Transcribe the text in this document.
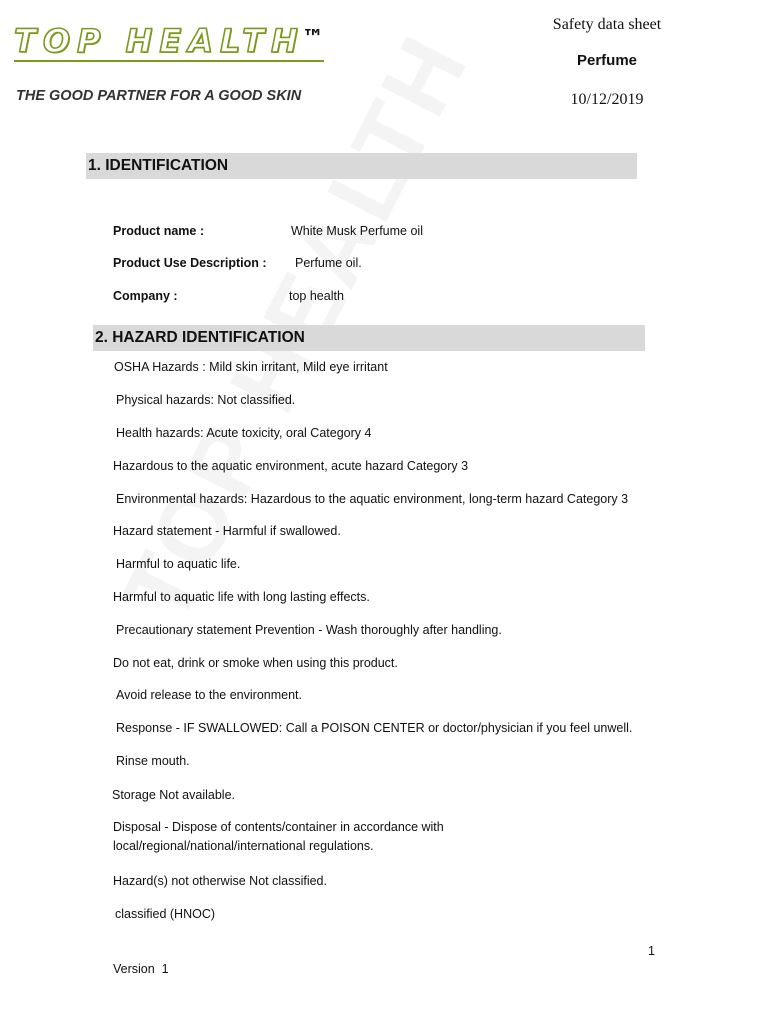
TOP HEALTH
™
THE GOOD PARTNER FOR A GOOD SKIN
Safety data sheet
Perfume
10/12/2019
1. IDENTIFICATION
Product name :	White Musk Perfume oil
Product Use Description : Perfume oil.
Company :	top health
2. HAZARD IDENTIFICATION
OSHA Hazards : Mild skin irritant, Mild eye irritant
Physical hazards: Not classified.
Health hazards: Acute toxicity, oral Category 4
Hazardous to the aquatic environment, acute hazard Category 3
Environmental hazards: Hazardous to the aquatic environment, long-term hazard Category 3
Hazard statement - Harmful if swallowed.
Harmful to aquatic life.
Harmful to aquatic life with long lasting effects.
Precautionary statement Prevention - Wash thoroughly after handling.
Do not eat, drink or smoke when using this product.
Avoid release to the environment.
Response - IF SWALLOWED: Call a POISON CENTER or doctor/physician if you feel unwell.
Rinse mouth.
Storage Not available.
Disposal - Dispose of contents/container in accordance with local/regional/national/international regulations.
Hazard(s) not otherwise Not classified.
classified (HNOC)
1
Version  1
